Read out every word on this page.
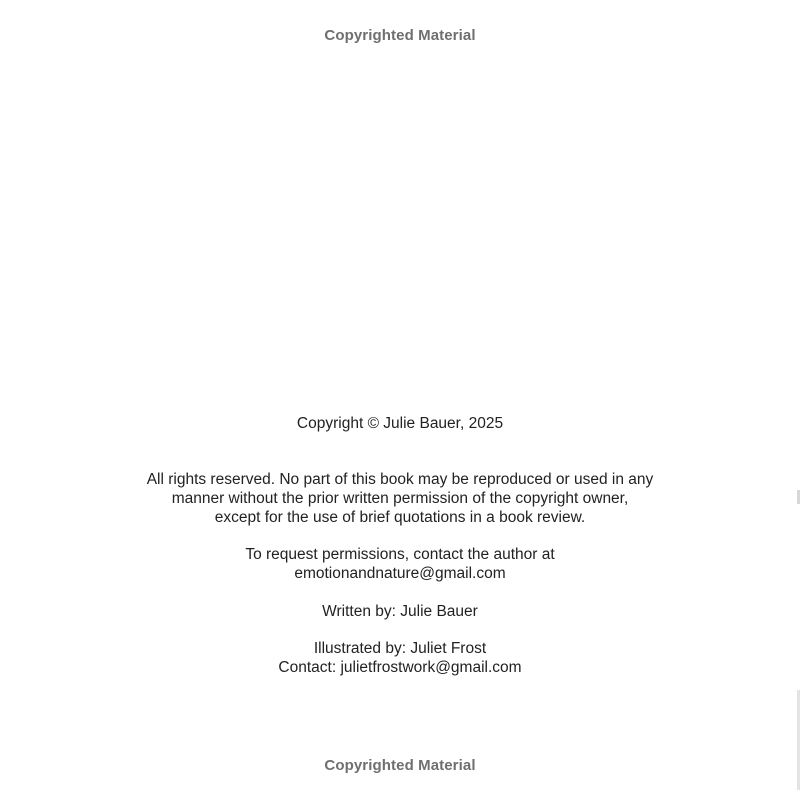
Copyrighted Material
Copyright © Julie Bauer, 2025
All rights reserved. No part of this book may be reproduced or used in any
manner without the prior written permission of the copyright owner,
except for the use of brief quotations in a book review.
To request permissions, contact the author at
emotionandnature@gmail.com
Written by: Julie Bauer
Illustrated by: Juliet Frost
Contact: julietfrostwork@gmail.com
Copyrighted Material
